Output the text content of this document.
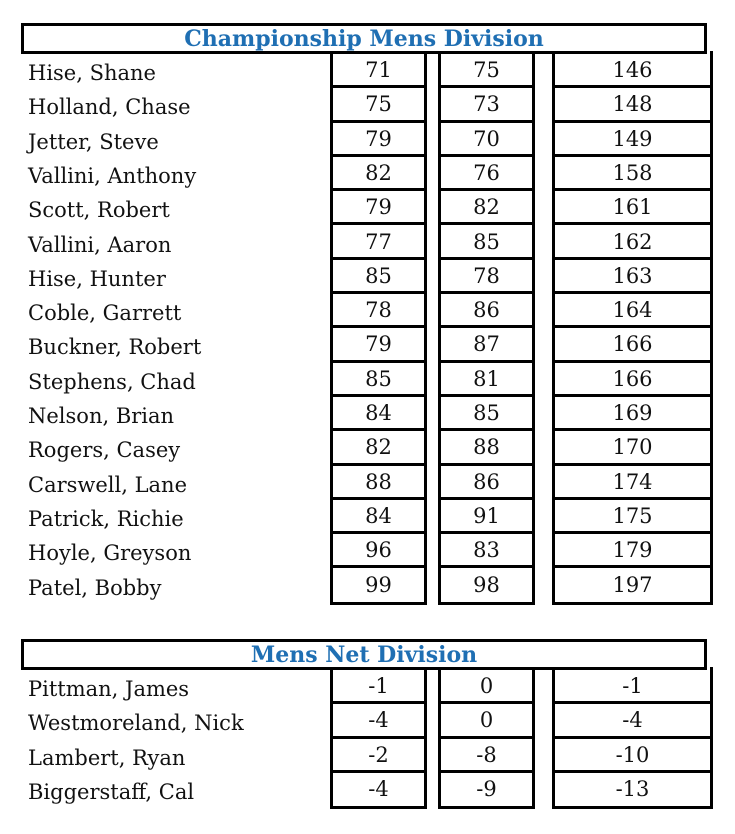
Championship Mens Division
Hise, Shane
Holland, Chase
Jetter, Steve
Vallini, Anthony
Scott, Robert
Vallini, Aaron
Hise, Hunter
Coble, Garrett
Buckner, Robert
Stephens, Chad
Nelson, Brian
Rogers, Casey
Carswell, Lane
Patrick, Richie
Hoyle, Greyson
Patel, Bobby
71
75
79
82
79
77
85
78
79
85
84
82
88
84
96
99
75
73
70
76
82
85
78
86
87
81
85
88
86
91
83
98
146
148
149
158
161
162
163
164
166
166
169
170
174
175
179
197
Mens Net Division
Pittman, James
Westmoreland, Nick
Lambert, Ryan
Biggerstaff, Cal
-1
-4
-2
-4
0
0
-8
-9
-1
-4
-10
-13
